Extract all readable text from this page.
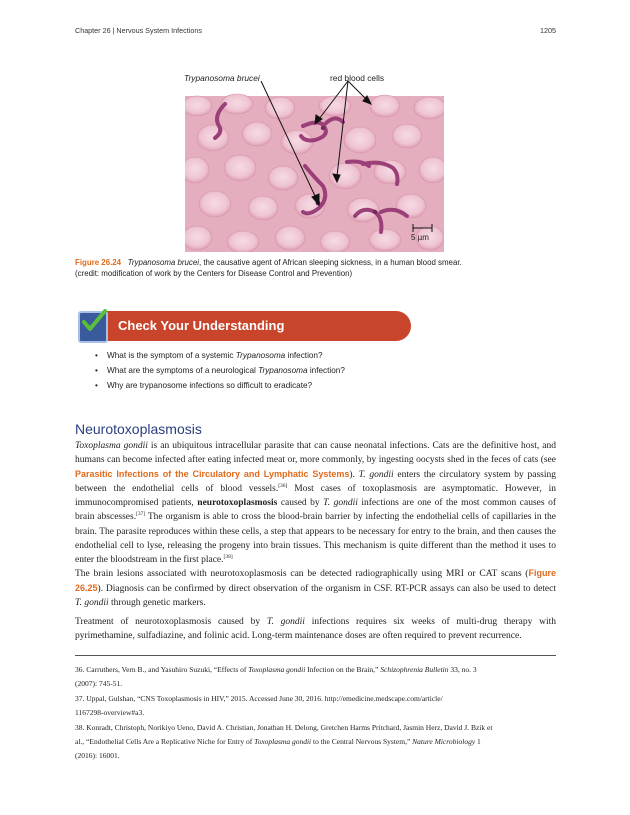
Chapter 26 | Nervous System Infections	1205
Trypanosoma brucei	red blood cells
5 µm
Figure 26.24 Trypanosoma brucei, the causative agent of African sleeping sickness, in a human blood smear.
(credit: modification of work by the Centers for Disease Control and Prevention)
Check Your Understanding
• What is the symptom of a systemic Trypanosoma infection?
• What are the symptoms of a neurological Trypanosoma infection?
• Why are trypanosome infections so difficult to eradicate?
Neurotoxoplasmosis
Toxoplasma gondii is an ubiquitous intracellular parasite that can cause neonatal infections. Cats are the definitive host, and humans can become infected after eating infected meat or, more commonly, by ingesting oocysts shed in the feces of cats (see Parasitic Infections of the Circulatory and Lymphatic Systems). T. gondii enters the circulatory system by passing between the endothelial cells of blood vessels.[36] Most cases of toxoplasmosis are asymptomatic. However, in immunocompromised patients, neurotoxoplasmosis caused by T. gondii infections are one of the most common causes of brain abscesses.[37] The organism is able to cross the blood-brain barrier by infecting the endothelial cells of capillaries in the brain. The parasite reproduces within these cells, a step that appears to be necessary for entry to the brain, and then causes the endothelial cell to lyse, releasing the progeny into brain tissues. This mechanism is quite different than the method it uses to enter the bloodstream in the first place.[38]
The brain lesions associated with neurotoxoplasmosis can be detected radiographically using MRI or CAT scans (Figure 26.25). Diagnosis can be confirmed by direct observation of the organism in CSF. RT-PCR assays can also be used to detect T. gondii through genetic markers.
Treatment of neurotoxoplasmosis caused by T. gondii infections requires six weeks of multi-drug therapy with pyrimethamine, sulfadiazine, and folinic acid. Long-term maintenance doses are often required to prevent recurrence.
36. Carruthers, Vern B., and Yasuhiro Suzuki, “Effects of Toxoplasma gondii Infection on the Brain,” Schizophrenia Bulletin 33, no. 3
(2007): 745-51.
37. Uppal, Gulshan, “CNS Toxoplasmosis in HIV,” 2015. Accessed June 30, 2016. http://emedicine.medscape.com/article/
1167298-overview#a3.
38. Konradt, Christoph, Norikiyo Ueno, David A. Christian, Jonathan H. Delong, Gretchen Harms Pritchard, Jasmin Herz, David J. Bzik et
al., “Endothelial Cells Are a Replicative Niche for Entry of Toxoplasma gondii to the Central Nervous System,” Nature Microbiology 1
(2016): 16001.
